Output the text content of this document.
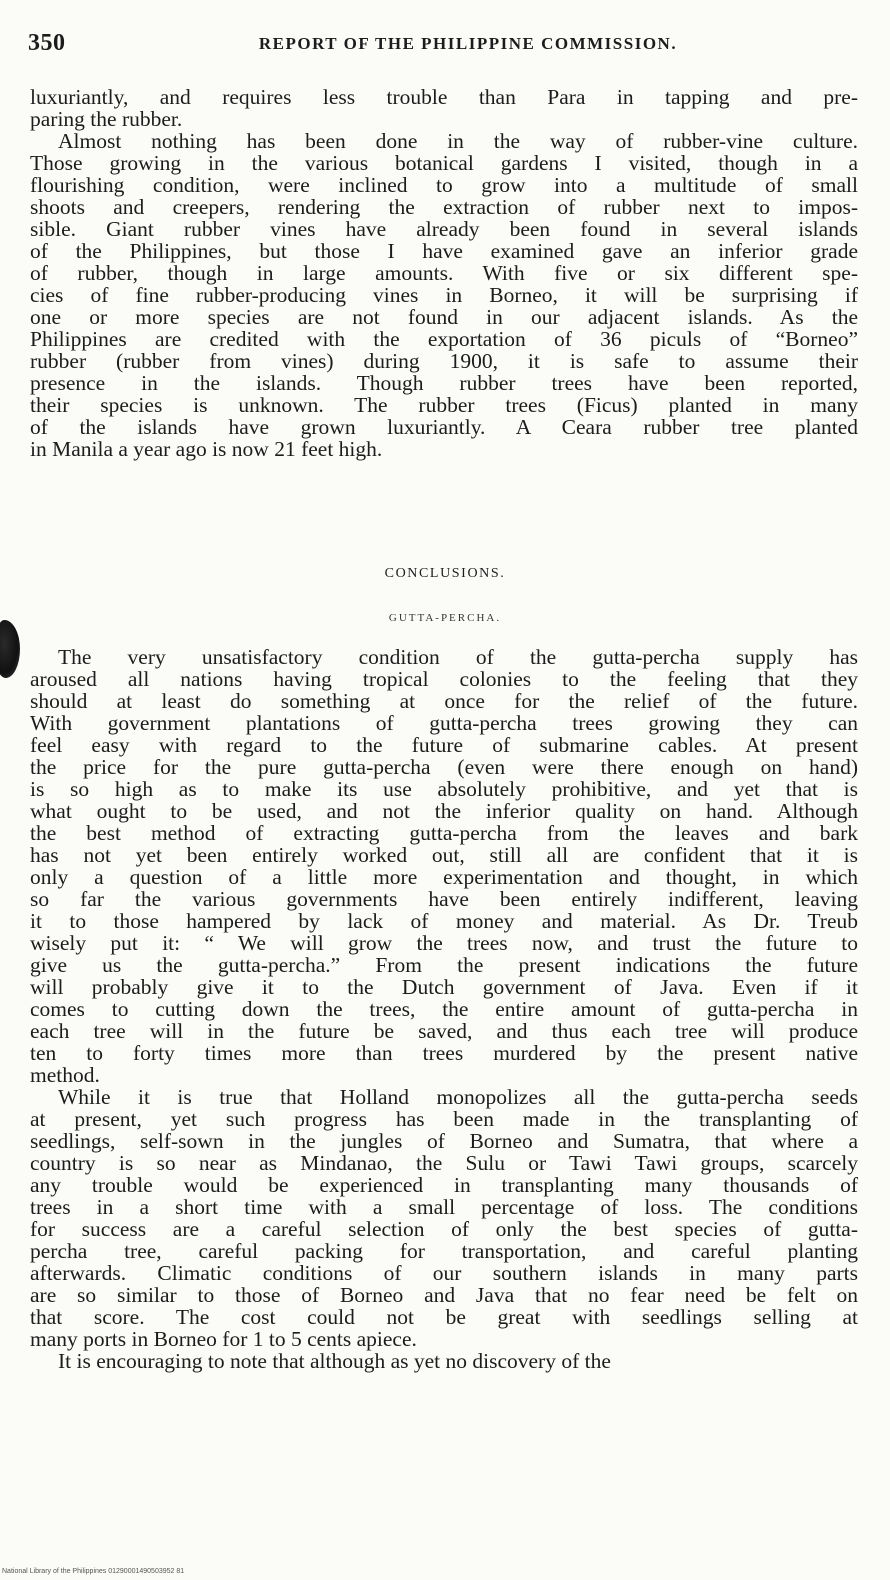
350	REPORT OF THE PHILIPPINE COMMISSION.
luxuriantly, and requires less trouble than Para in tapping and pre-
paring the rubber.
Almost nothing has been done in the way of rubber-vine culture.
Those growing in the various botanical gardens I visited, though in a
flourishing condition, were inclined to grow into a multitude of small
shoots and creepers, rendering the extraction of rubber next to impos-
sible. Giant rubber vines have already been found in several islands
of the Philippines, but those I have examined gave an inferior grade
of rubber, though in large amounts. With five or six different spe-
cies of fine rubber-producing vines in Borneo, it will be surprising if
one or more species are not found in our adjacent islands. As the
Philippines are credited with the exportation of 36 piculs of “Borneo”
rubber (rubber from vines) during 1900, it is safe to assume their
presence in the islands. Though rubber trees have been reported,
their species is unknown. The rubber trees (Ficus) planted in many
of the islands have grown luxuriantly. A Ceara rubber tree planted
in Manila a year ago is now 21 feet high.
CONCLUSIONS.
GUTTA-PERCHA.
The very unsatisfactory condition of the gutta-percha supply has
aroused all nations having tropical colonies to the feeling that they
should at least do something at once for the relief of the future.
With government plantations of gutta-percha trees growing they can
feel easy with regard to the future of submarine cables. At present
the price for the pure gutta-percha (even were there enough on hand)
is so high as to make its use absolutely prohibitive, and yet that is
what ought to be used, and not the inferior quality on hand. Although
the best method of extracting gutta-percha from the leaves and bark
has not yet been entirely worked out, still all are confident that it is
only a question of a little more experimentation and thought, in which
so far the various governments have been entirely indifferent, leaving
it to those hampered by lack of money and material. As Dr. Treub
wisely put it: “ We will grow the trees now, and trust the future to
give us the gutta-percha.” From the present indications the future
will probably give it to the Dutch government of Java. Even if it
comes to cutting down the trees, the entire amount of gutta-percha in
each tree will in the future be saved, and thus each tree will produce
ten to forty times more than trees murdered by the present native
method.
While it is true that Holland monopolizes all the gutta-percha seeds
at present, yet such progress has been made in the transplanting of
seedlings, self-sown in the jungles of Borneo and Sumatra, that where a
country is so near as Mindanao, the Sulu or Tawi Tawi groups, scarcely
any trouble would be experienced in transplanting many thousands of
trees in a short time with a small percentage of loss. The conditions
for success are a careful selection of only the best species of gutta-
percha tree, careful packing for transportation, and careful planting
afterwards. Climatic conditions of our southern islands in many parts
are so similar to those of Borneo and Java that no fear need be felt on
that score. The cost could not be great with seedlings selling at
many ports in Borneo for 1 to 5 cents apiece.
It is encouraging to note that although as yet no discovery of the
National Library of the Philippines 01290001490503952 81
